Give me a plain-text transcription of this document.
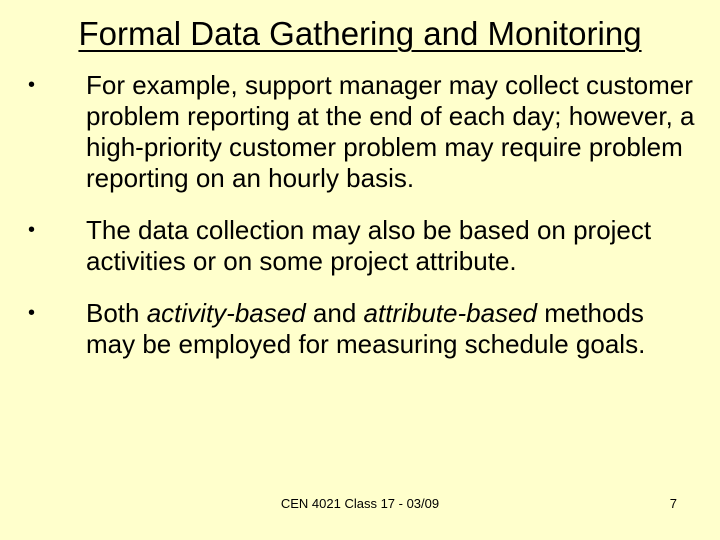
Formal Data Gathering and Monitoring
•	For example, support manager may collect customer problem reporting at the end of each day; however, a high-priority customer problem may require problem reporting on an hourly basis.
•	The data collection may also be based on project activities or on some project attribute.
•	Both activity-based and attribute-based methods may be employed for measuring schedule goals.
CEN 4021 Class 17 - 03/09	7
